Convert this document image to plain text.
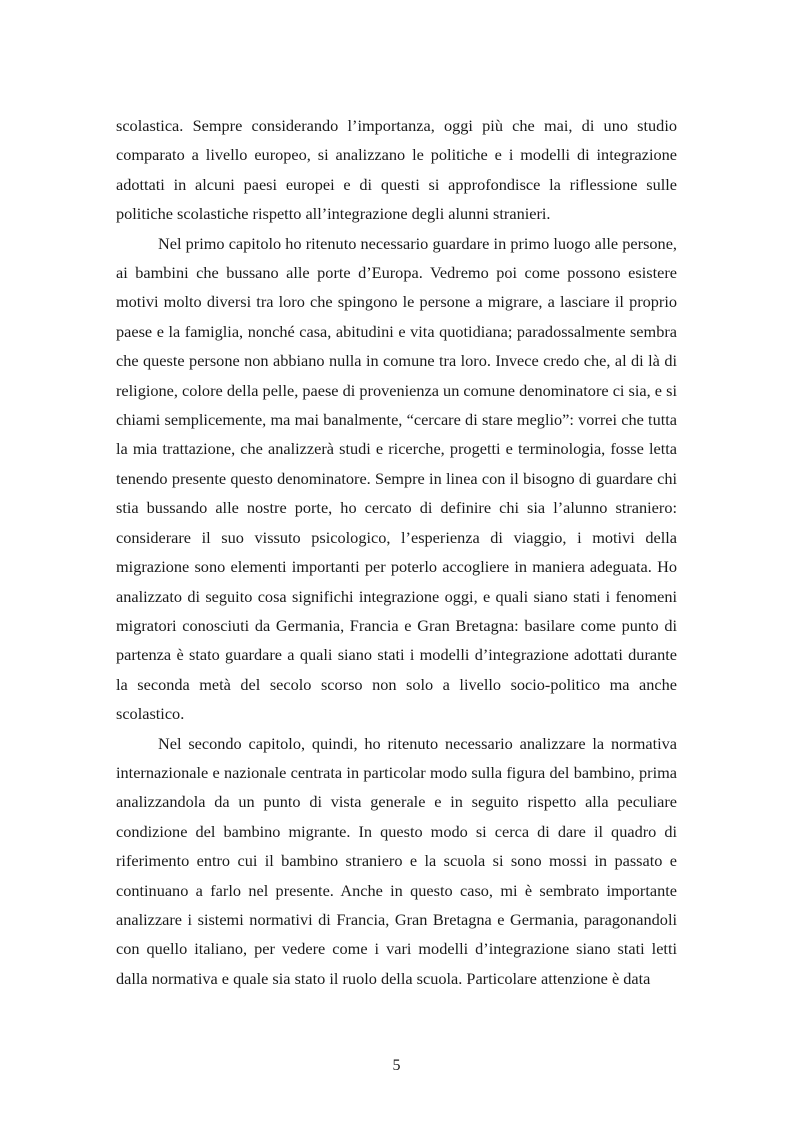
scolastica. Sempre considerando l’importanza, oggi più che mai, di uno studio comparato a livello europeo, si analizzano le politiche e i modelli di integrazione adottati in alcuni paesi europei e di questi si approfondisce la riflessione sulle politiche scolastiche rispetto all’integrazione degli alunni stranieri.

Nel primo capitolo ho ritenuto necessario guardare in primo luogo alle persone, ai bambini che bussano alle porte d’Europa. Vedremo poi come possono esistere motivi molto diversi tra loro che spingono le persone a migrare, a lasciare il proprio paese e la famiglia, nonché casa, abitudini e vita quotidiana; paradossalmente sembra che queste persone non abbiano nulla in comune tra loro. Invece credo che, al di là di religione, colore della pelle, paese di provenienza un comune denominatore ci sia, e si chiami semplicemente, ma mai banalmente, “cercare di stare meglio”: vorrei che tutta la mia trattazione, che analizzerà studi e ricerche, progetti e terminologia, fosse letta tenendo presente questo denominatore. Sempre in linea con il bisogno di guardare chi stia bussando alle nostre porte, ho cercato di definire chi sia l’alunno straniero: considerare il suo vissuto psicologico, l’esperienza di viaggio, i motivi della migrazione sono elementi importanti per poterlo accogliere in maniera adeguata. Ho analizzato di seguito cosa significhi integrazione oggi, e quali siano stati i fenomeni migratori conosciuti da Germania, Francia e Gran Bretagna: basilare come punto di partenza è stato guardare a quali siano stati i modelli d’integrazione adottati durante la seconda metà del secolo scorso non solo a livello socio-politico ma anche scolastico.

Nel secondo capitolo, quindi, ho ritenuto necessario analizzare la normativa internazionale e nazionale centrata in particolar modo sulla figura del bambino, prima analizzandola da un punto di vista generale e in seguito rispetto alla peculiare condizione del bambino migrante. In questo modo si cerca di dare il quadro di riferimento entro cui il bambino straniero e la scuola si sono mossi in passato e continuano a farlo nel presente. Anche in questo caso, mi è sembrato importante analizzare i sistemi normativi di Francia, Gran Bretagna e Germania, paragonandoli con quello italiano, per vedere come i vari modelli d’integrazione siano stati letti dalla normativa e quale sia stato il ruolo della scuola. Particolare attenzione è data

5
